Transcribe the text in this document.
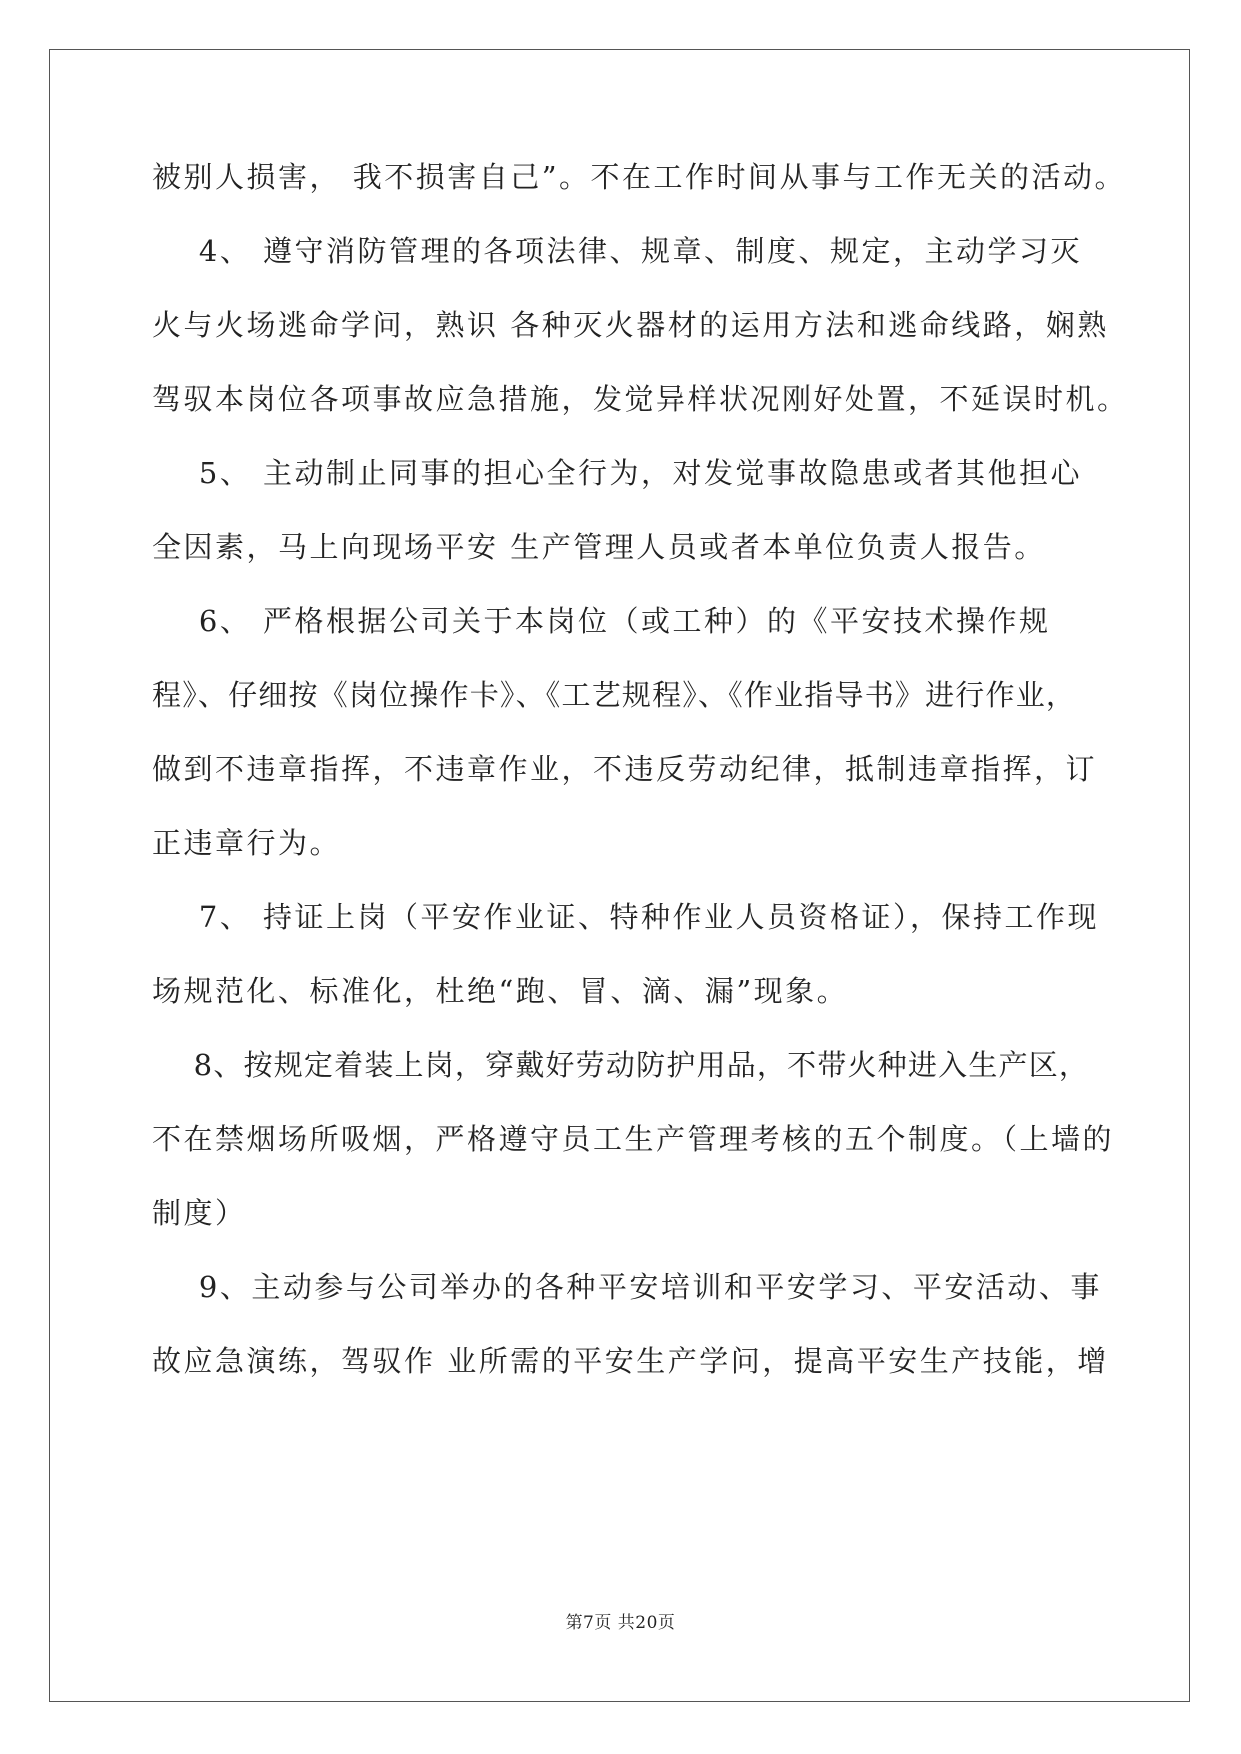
被别人损害， 我不损害自己”。不在工作时间从事与工作无关的活动。
4、 遵守消防管理的各项法律、规章、制度、规定，主动学习灭
火与火场逃命学问，熟识 各种灭火器材的运用方法和逃命线路，娴熟
驾驭本岗位各项事故应急措施，发觉异样状况刚好处置，不延误时机。
5、 主动制止同事的担心全行为，对发觉事故隐患或者其他担心
全因素，马上向现场平安 生产管理人员或者本单位负责人报告。
6、 严格根据公司关于本岗位（或工种）的《平安技术操作规
程》、仔细按《岗位操作卡》、《工艺规程》、《作业指导书》进行作业，
做到不违章指挥，不违章作业，不违反劳动纪律，抵制违章指挥，订
正违章行为。
7、 持证上岗（平安作业证、特种作业人员资格证），保持工作现
场规范化、标准化，杜绝“跑、冒、滴、漏”现象。
8、按规定着装上岗，穿戴好劳动防护用品，不带火种进入生产区，
不在禁烟场所吸烟，严格遵守员工生产管理考核的五个制度。（上墙的
制度）
9、主动参与公司举办的各种平安培训和平安学习、平安活动、事
故应急演练，驾驭作 业所需的平安生产学问，提高平安生产技能，增
第7页 共20页
